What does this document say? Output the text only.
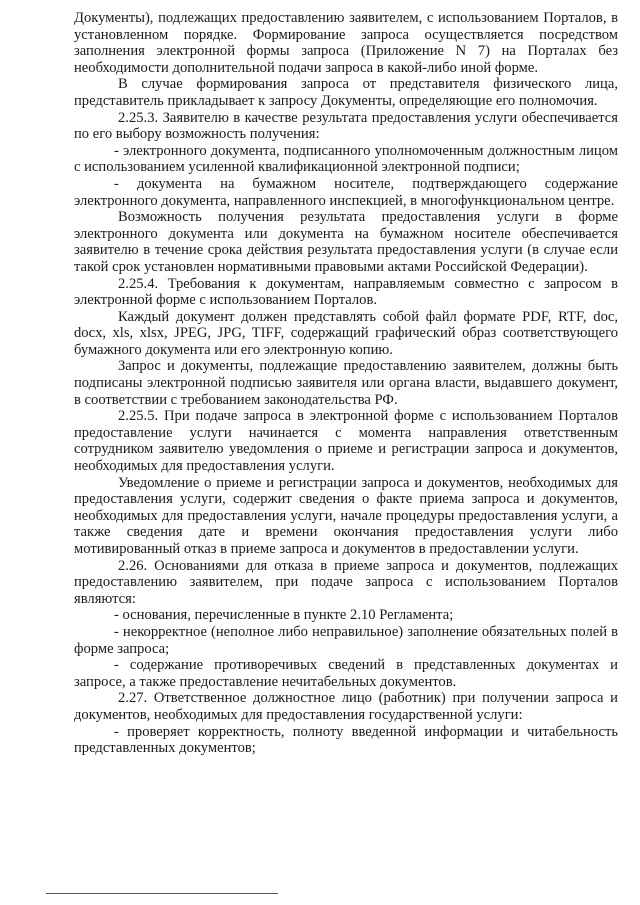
Документы), подлежащих предоставлению заявителем, с использованием Порталов, в установленном порядке. Формирование запроса осуществляется посредством заполнения электронной формы запроса (Приложение N 7) на Порталах без необходимости дополнительной подачи запроса в какой-либо иной форме.

В случае формирования запроса от представителя физического лица, представитель прикладывает к запросу Документы, определяющие его полномочия.

2.25.3. Заявителю в качестве результата предоставления услуги обеспечивается по его выбору возможность получения:

- электронного документа, подписанного уполномоченным должностным лицом с использованием усиленной квалификационной электронной подписи;

- документа на бумажном носителе, подтверждающего содержание электронного документа, направленного инспекцией, в многофункциональном центре.

Возможность получения результата предоставления услуги в форме электронного документа или документа на бумажном носителе обеспечивается заявителю в течение срока действия результата предоставления услуги (в случае если такой срок установлен нормативными правовыми актами Российской Федерации).

2.25.4. Требования к документам, направляемым совместно с запросом в электронной форме с использованием Порталов.

Каждый документ должен представлять собой файл формате PDF, RTF, doc, docx, xls, xlsx, JPEG, JPG, TIFF, содержащий графический образ соответствующего бумажного документа или его электронную копию.

Запрос и документы, подлежащие предоставлению заявителем, должны быть подписаны электронной подписью заявителя или органа власти, выдавшего документ, в соответствии с требованием законодательства РФ.

2.25.5. При подаче запроса в электронной форме с использованием Порталов предоставление услуги начинается с момента направления ответственным сотрудником заявителю уведомления о приеме и регистрации запроса и документов, необходимых для предоставления услуги.

Уведомление о приеме и регистрации запроса и документов, необходимых для предоставления услуги, содержит сведения о факте приема запроса и документов, необходимых для предоставления услуги, начале процедуры предоставления услуги, а также сведения дате и времени окончания предоставления услуги либо мотивированный отказ в приеме запроса и документов в предоставлении услуги.

2.26. Основаниями для отказа в приеме запроса и документов, подлежащих предоставлению заявителем, при подаче запроса с использованием Порталов являются:

- основания, перечисленные в пункте 2.10 Регламента;

- некорректное (неполное либо неправильное) заполнение обязательных полей в форме запроса;

- содержание противоречивых сведений в представленных документах и запросе, а также предоставление нечитабельных документов.

2.27. Ответственное должностное лицо (работник) при получении запроса и документов, необходимых для предоставления государственной услуги:

- проверяет корректность, полноту введенной информации и читабельность представленных документов;
